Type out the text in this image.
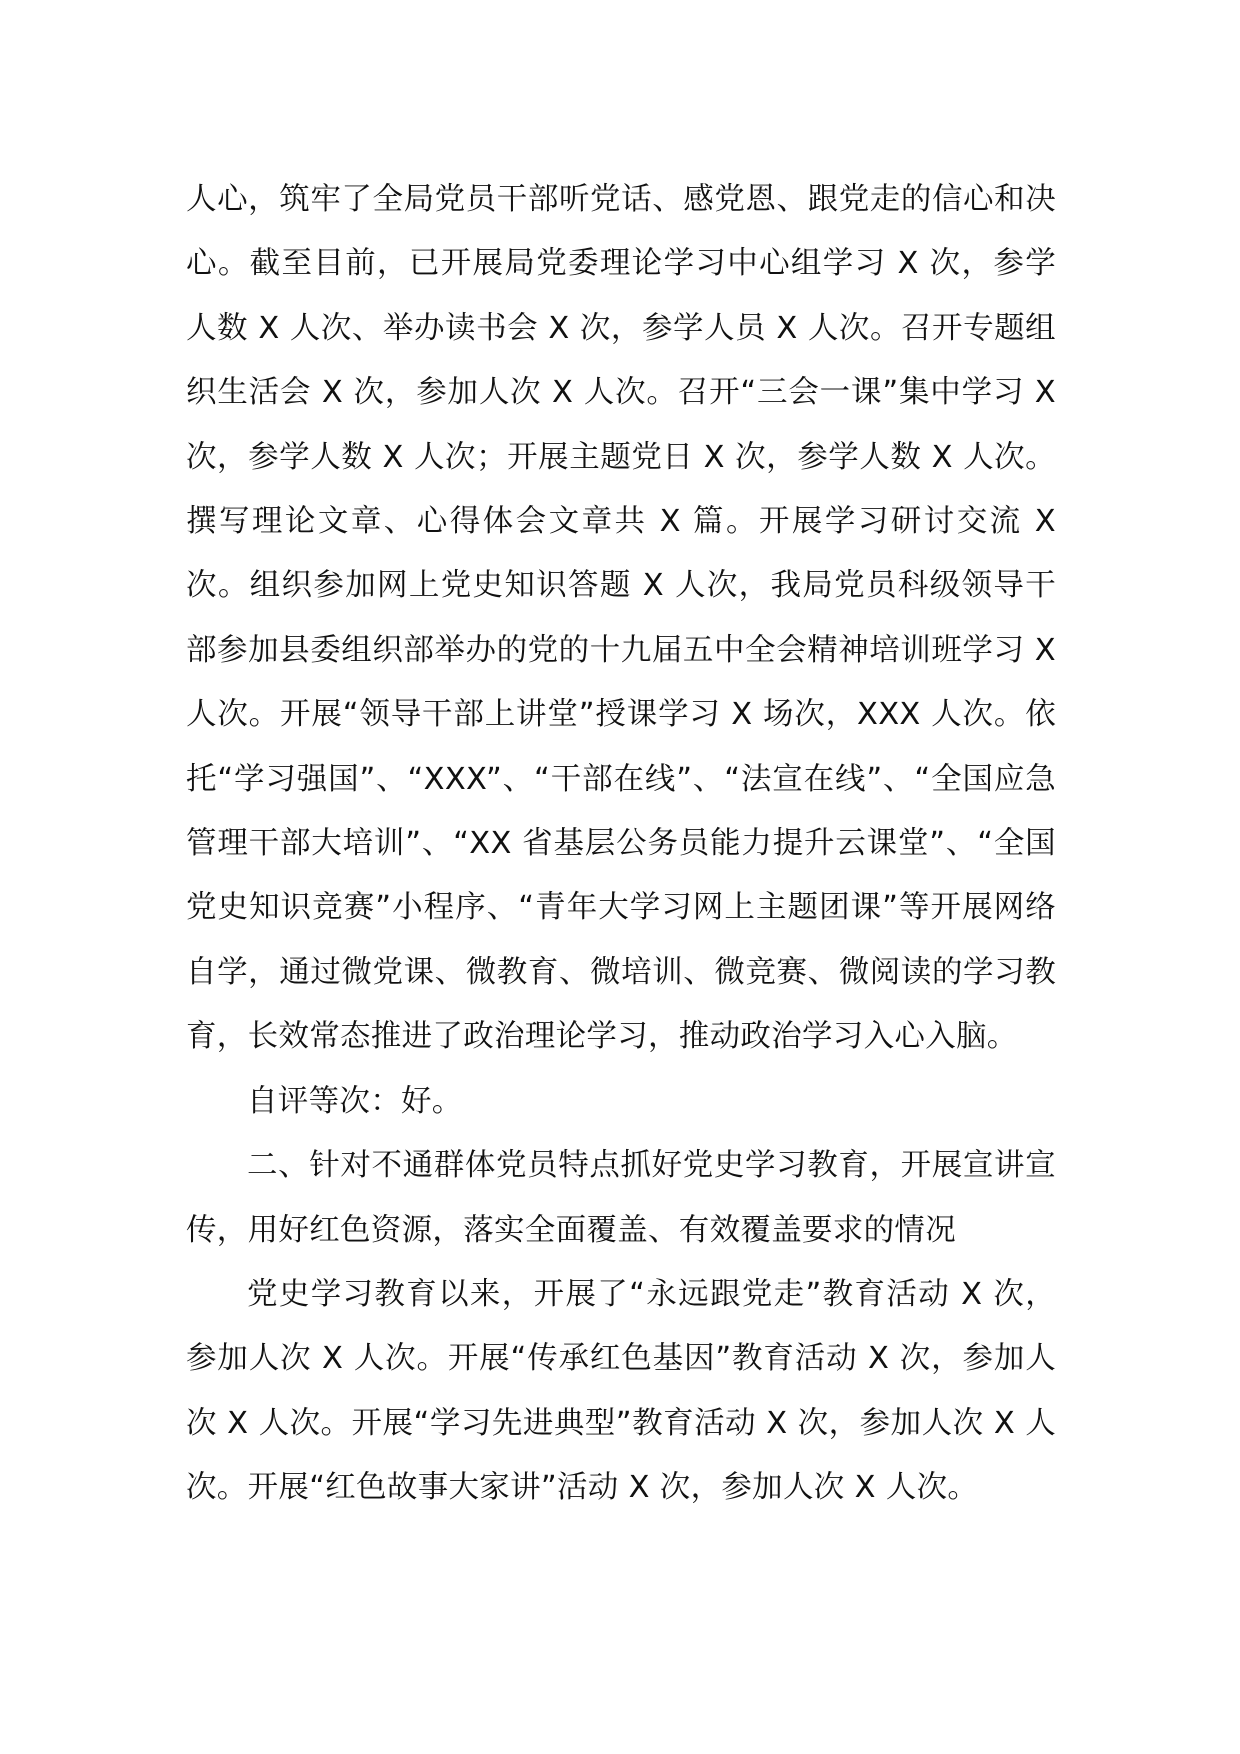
人心，筑牢了全局党员干部听党话、感党恩、跟党走的信心和决心。截至目前，已开展局党委理论学习中心组学习 X 次，参学人数 X 人次、举办读书会 X 次，参学人员 X 人次。召开专题组织生活会 X 次，参加人次 X 人次。召开“三会一课”集中学习 X 次，参学人数 X 人次；开展主题党日 X 次，参学人数 X 人次。撰写理论文章、心得体会文章共 X 篇。开展学习研讨交流 X 次。组织参加网上党史知识答题 X 人次，我局党员科级领导干部参加县委组织部举办的党的十九届五中全会精神培训班学习 X 人次。开展“领导干部上讲堂”授课学习 X 场次，XXX 人次。依托“学习强国”、“XXX”、“干部在线”、“法宣在线”、“全国应急管理干部大培训”、“XX 省基层公务员能力提升云课堂”、“全国党史知识竞赛”小程序、“青年大学习网上主题团课”等开展网络自学，通过微党课、微教育、微培训、微竞赛、微阅读的学习教育，长效常态推进了政治理论学习，推动政治学习入心入脑。

自评等次：好。

二、针对不通群体党员特点抓好党史学习教育，开展宣讲宣传，用好红色资源，落实全面覆盖、有效覆盖要求的情况

党史学习教育以来，开展了“永远跟党走”教育活动 X 次，参加人次 X 人次。开展“传承红色基因”教育活动 X 次，参加人次 X 人次。开展“学习先进典型”教育活动 X 次，参加人次 X 人次。开展“红色故事大家讲”活动 X 次，参加人次 X 人次。
